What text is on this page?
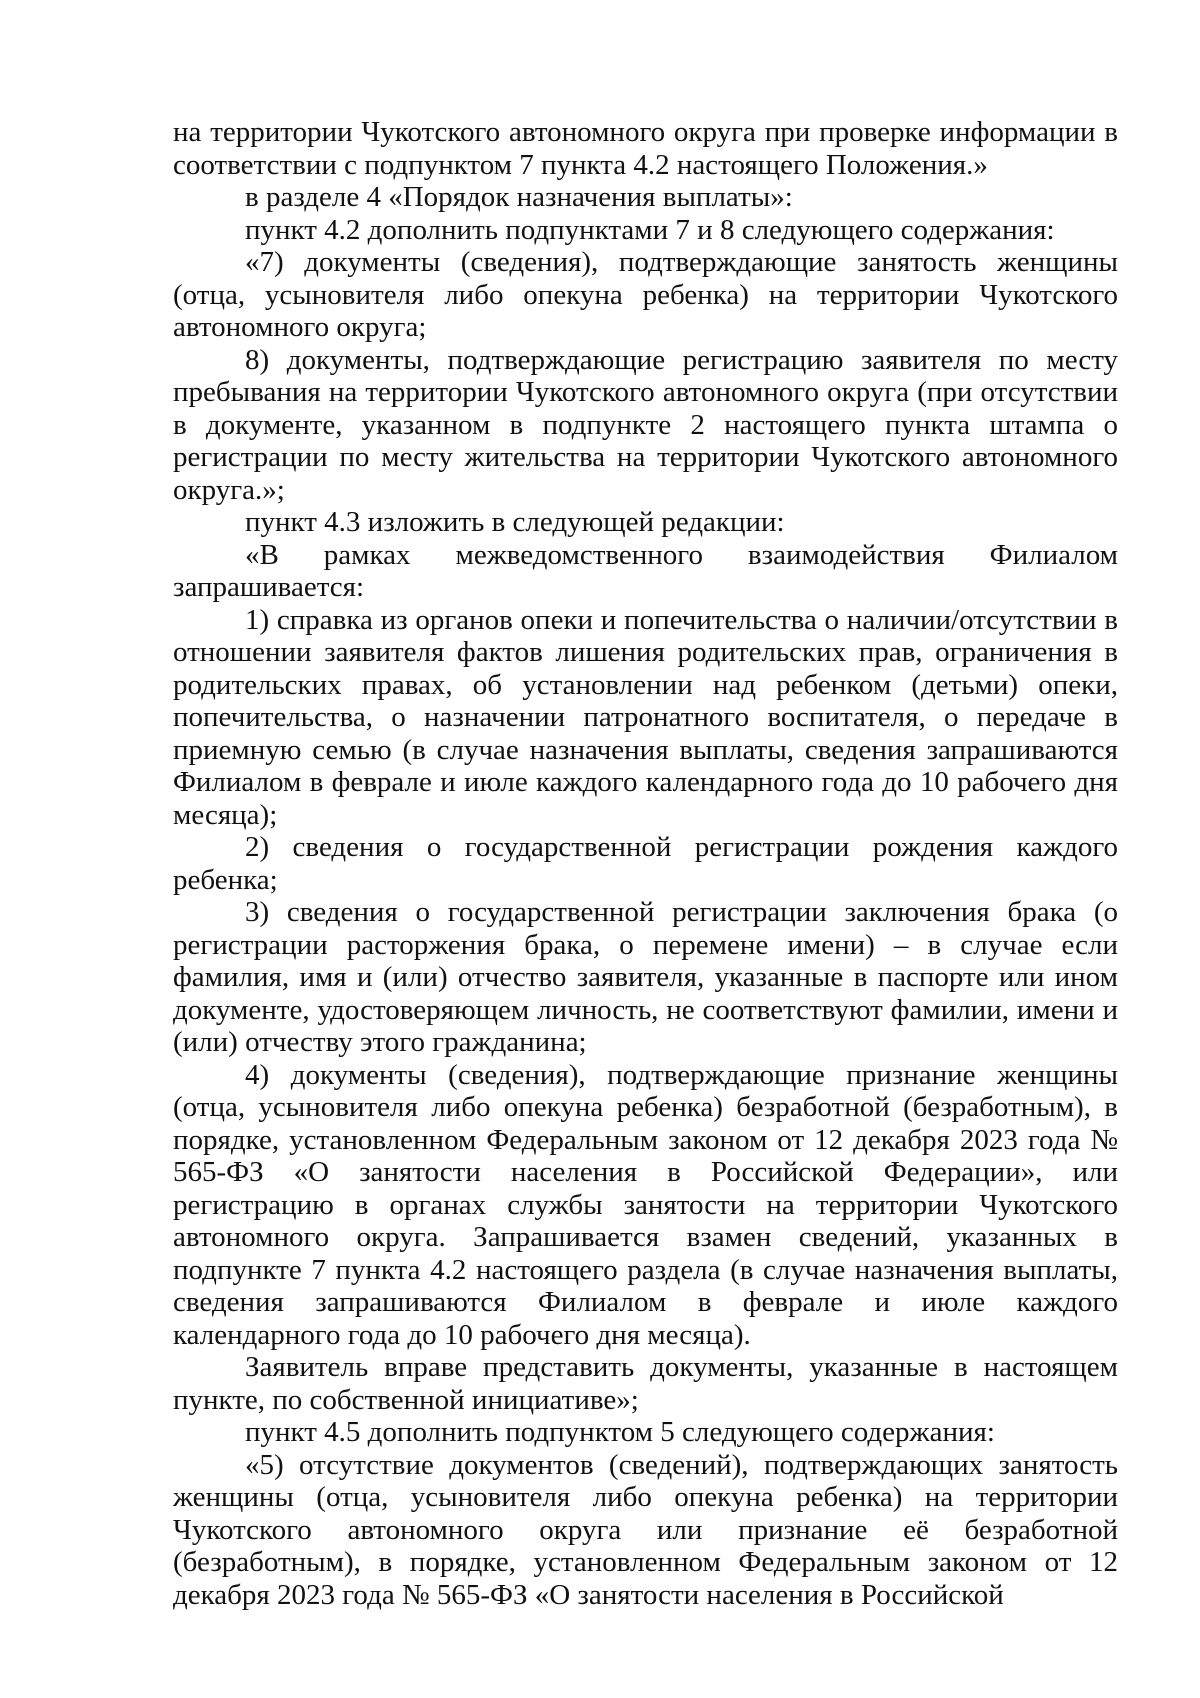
на территории Чукотского автономного округа при проверке информации в соответствии с подпунктом 7 пункта 4.2 настоящего Положения.»

в разделе 4 «Порядок назначения выплаты»:

пункт 4.2 дополнить подпунктами 7 и 8 следующего содержания:

«7) документы (сведения), подтверждающие занятость женщины (отца, усыновителя либо опекуна ребенка) на территории Чукотского автономного округа;

8) документы, подтверждающие регистрацию заявителя по месту пребывания на территории Чукотского автономного округа (при отсутствии в документе, указанном в подпункте 2 настоящего пункта штампа о регистрации по месту жительства на территории Чукотского автономного округа.»;

пункт 4.3 изложить в следующей редакции:

«В рамках межведомственного взаимодействия Филиалом запрашивается:

1) справка из органов опеки и попечительства о наличии/отсутствии в отношении заявителя фактов лишения родительских прав, ограничения в родительских правах, об установлении над ребенком (детьми) опеки, попечительства, о назначении патронатного воспитателя, о передаче в приемную семью (в случае назначения выплаты, сведения запрашиваются Филиалом в феврале и июле каждого календарного года до 10 рабочего дня месяца);

2) сведения о государственной регистрации рождения каждого ребенка;

3) сведения о государственной регистрации заключения брака (о регистрации расторжения брака, о перемене имени) – в случае если фамилия, имя и (или) отчество заявителя, указанные в паспорте или ином документе, удостоверяющем личность, не соответствуют фамилии, имени и (или) отчеству этого гражданина;

4) документы (сведения), подтверждающие признание женщины (отца, усыновителя либо опекуна ребенка) безработной (безработным), в порядке, установленном Федеральным законом от 12 декабря 2023 года № 565-ФЗ «О занятости населения в Российской Федерации», или регистрацию в органах службы занятости на территории Чукотского автономного округа. Запрашивается взамен сведений, указанных в подпункте 7 пункта 4.2 настоящего раздела (в случае назначения выплаты, сведения запрашиваются Филиалом в феврале и июле каждого календарного года до 10 рабочего дня месяца).

Заявитель вправе представить документы, указанные в настоящем пункте, по собственной инициативе»;

пункт 4.5 дополнить подпунктом 5 следующего содержания:

«5) отсутствие документов (сведений), подтверждающих занятость женщины (отца, усыновителя либо опекуна ребенка) на территории Чукотского автономного округа или признание её безработной (безработным), в порядке, установленном Федеральным законом от 12 декабря 2023 года № 565-ФЗ «О занятости населения в Российской
